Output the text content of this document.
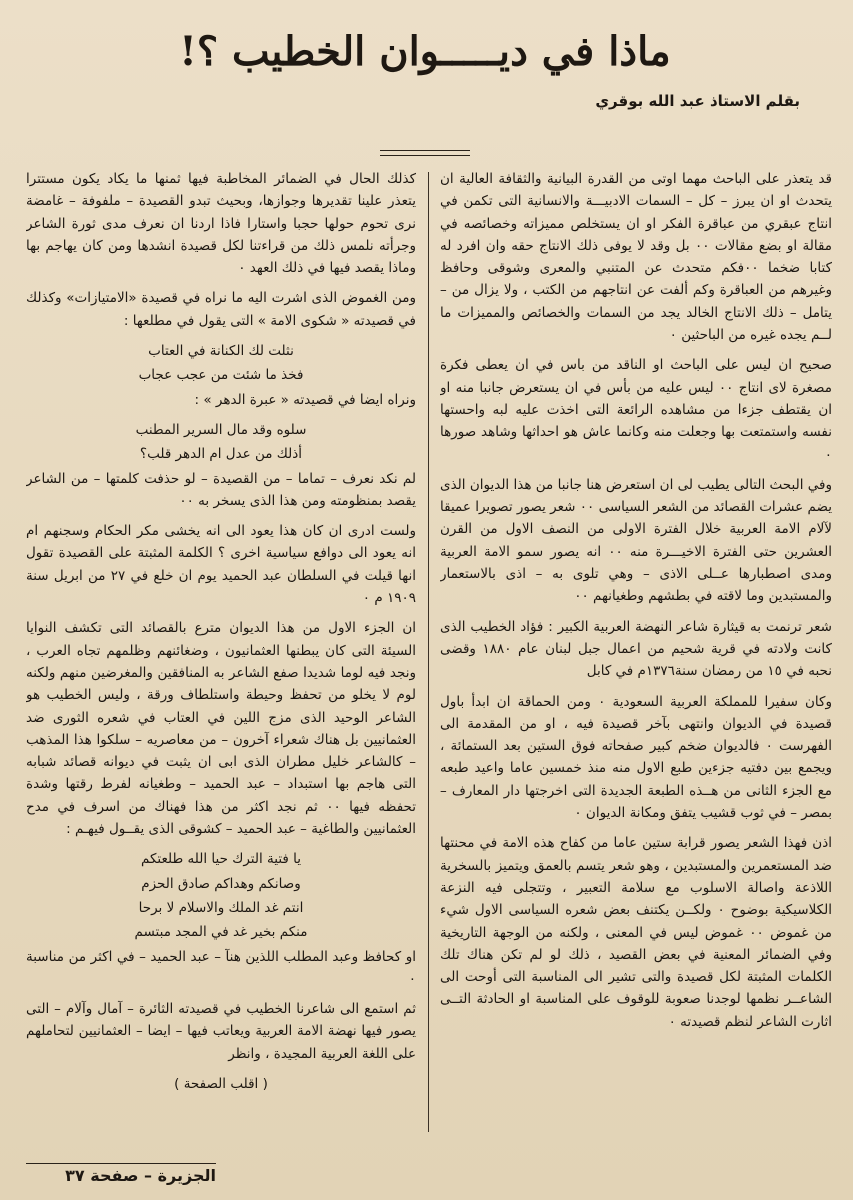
ماذا في ديـــــوان الخطيب ؟!
بقلم الاستاذ عبد الله بوقري

قد يتعذر على الباحث مهما اوتى من القدرة البيانية والثقافة العالية ان يتحدث او ان يبرز – كل – السمات الادبيـــة والانسانية التى تكمن في انتاج عبقري من عباقرة الفكر او ان يستخلص مميزاته وخصائصه في مقالة او بضع مقالات ٠٠ بل وقد لا يوفى ذلك الانتاج حقه وان افرد له كتابا ضخما ٠٠فكم متحدث عن المتنبي والمعرى وشوقى وحافظ وغيرهم من العباقرة وكم ألفت عن انتاجهم من الكتب ، ولا يزال من – يتامل – ذلك الانتاج الخالد يجد من السمات والخصائص والمميزات ما لــم يجده غيره من الباحثين ٠

صحيح ان ليس على الباحث او الناقد من باس في ان يعطى فكرة مصغرة لاى انتاج ٠٠ ليس عليه من بأس في ان يستعرض جانبا منه او ان يقتطف جزءا من مشاهده الرائعة التى اخذت عليه لبه واحستها نفسه واستمتعت بها وجعلت منه وكانما عاش هو احداثها وشاهد صورها ٠

وفي البحث التالى يطيب لى ان استعرض هنا جانبا من هذا الديوان الذى يضم عشرات القصائد من الشعر السياسى ٠٠ شعر يصور تصويرا عميقا لآلام الامة العربية خلال الفترة الاولى من النصف الاول من القرن العشرين حتى الفترة الاخيـــرة منه ٠٠ انه يصور سمو الامة العربية ومدى اصطبارها عــلى الاذى – وهي تلوى به – اذى بالاستعمار والمستبدين وما لاقته في بطشهم وطغيانهم ٠٠

شعر ترنمت به قيثارة شاعر النهضة العربية الكبير : فؤاد الخطيب الذى كانت ولادته في قرية شحيم من اعمال جبل لبنان عام ١٨٨٠ وقضى نحبه في ١٥ من رمضان سنة١٣٧٦م في كابل

وكان سفيرا للمملكة العربية السعودية ٠ ومن الحماقة ان ابدأ باول قصيدة في الديوان وانتهى بآخر قصيدة فيه ، او من المقدمة الى الفهرست ٠ فالديوان ضخم كبير صفحاته فوق الستين بعد الستمائة ، ويجمع بين دفتيه جزءين طبع الاول منه منذ خمسين عاما واعيد طبعه مع الجزء الثانى من هــذه الطبعة الجديدة التى اخرجتها دار المعارف – بمصر – في ثوب قشيب يتفق ومكانة الديوان ٠

اذن فهذا الشعر يصور قرابة ستين عاما من كفاح هذه الامة في محنتها ضد المستعمرين والمستبدين ، وهو شعر يتسم بالعمق ويتميز بالسخرية اللاذعة واصالة الاسلوب مع سلامة التعبير ، وتتجلى فيه النزعة الكلاسيكية بوضوح ٠ ولكــن يكتنف بعض شعره السياسى الاول شيء من غموض ٠٠ غموض ليس في المعنى ، ولكنه من الوجهة التاريخية وفي الضمائر المعنية في بعض القصيد ، ذلك لو لم تكن هناك تلك الكلمات المثبتة لكل قصيدة والتى تشير الى المناسبة التى أوحت الى الشاعــر نظمها لوجدنا صعوبة للوقوف على المناسبة او الحادثة التــى اثارت الشاعر لنظم قصيدته ٠

كذلك الحال في الضمائر المخاطبة فيها ثمنها ما يكاد يكون مستترا يتعذر علينا تقديرها وجوازها، وبحيث تبدو القصيدة – ملفوفة – غامضة نرى تحوم حولها حجبا واستارا فاذا اردنا ان نعرف مدى ثورة الشاعر وجرأته نلمس ذلك من قراءتنا لكل قصيدة انشدها ومن كان يهاجم بها وماذا يقصد فيها في ذلك العهد ٠

ومن الغموض الذى اشرت اليه ما نراه في قصيدة «الامتيازات» وكذلك في قصيدته « شكوى الامة » التى يقول في مطلعها :

نثلت لك الكنانة في العتاب

فخذ ما شئت من عجب عجاب

ونراه ايضا في قصيدته « عبرة الدهر » :

سلوه وقد مال السرير المطنب

أذلك من عدل ام الدهر قلب؟

لم نكد نعرف – تماما – من القصيدة – لو حذفت كلمتها – من الشاعر يقصد بمنظومته ومن هذا الذى يسخر به ٠٠

ولست ادرى ان كان هذا يعود الى انه يخشى مكر الحكام وسجنهم ام انه يعود الى دوافع سياسية اخرى ؟ الكلمة المثبتة على القصيدة تقول انها قيلت في السلطان عبد الحميد يوم ان خلع في ٢٧ من ابريل سنة ١٩٠٩ م ٠

ان الجزء الاول من هذا الديوان مترع بالقصائد التى تكشف النوايا السيئة التى كان يبطنها العثمانيون ، وضغائنهم وظلمهم تجاه العرب ، ونجد فيه لوما شديدا صفع الشاعر به المنافقين والمغرضين منهم ولكنه لوم لا يخلو من تحفظ وحيطة واستلطاف ورقة ، وليس الخطيب هو الشاعر الوحيد الذى مزج اللين في العتاب في شعره الثورى ضد العثمانيين بل هناك شعراء آخرون – من معاصريه – سلكوا هذا المذهب – كالشاعر خليل مطران الذى ابى ان يثبت في ديوانه قصائد شبابه التى هاجم بها استبداد – عبد الحميد – وطغيانه لفرط رقتها وشدة تحفظه فيها ٠٠ ثم نجد اكثر من هذا فهناك من اسرف في مدح العثمانيين والطاغية – عبد الحميد – كشوقى الذى يقــول فيهـم :

يا فتية الترك حيا الله طلعتكم

وصانكم وهداكم صادق الحزم

انتم غد الملك والاسلام لا برحا

منكم بخير غد في المجد مبتسم

او كحافظ وعبد المطلب اللذين هنآ – عبد الحميد – في اكثر من مناسبة ٠

ثم استمع الى شاعرنا الخطيب في قصيدته الثائرة – آمال وآلام – التى يصور فيها نهضة الامة العربية ويعاتب فيها – ايضا – العثمانيين لتحاملهم على اللغة العربية المجيدة ، وانظر

( اقلب الصفحة )

الجزيرة – صفحة ٣٧
